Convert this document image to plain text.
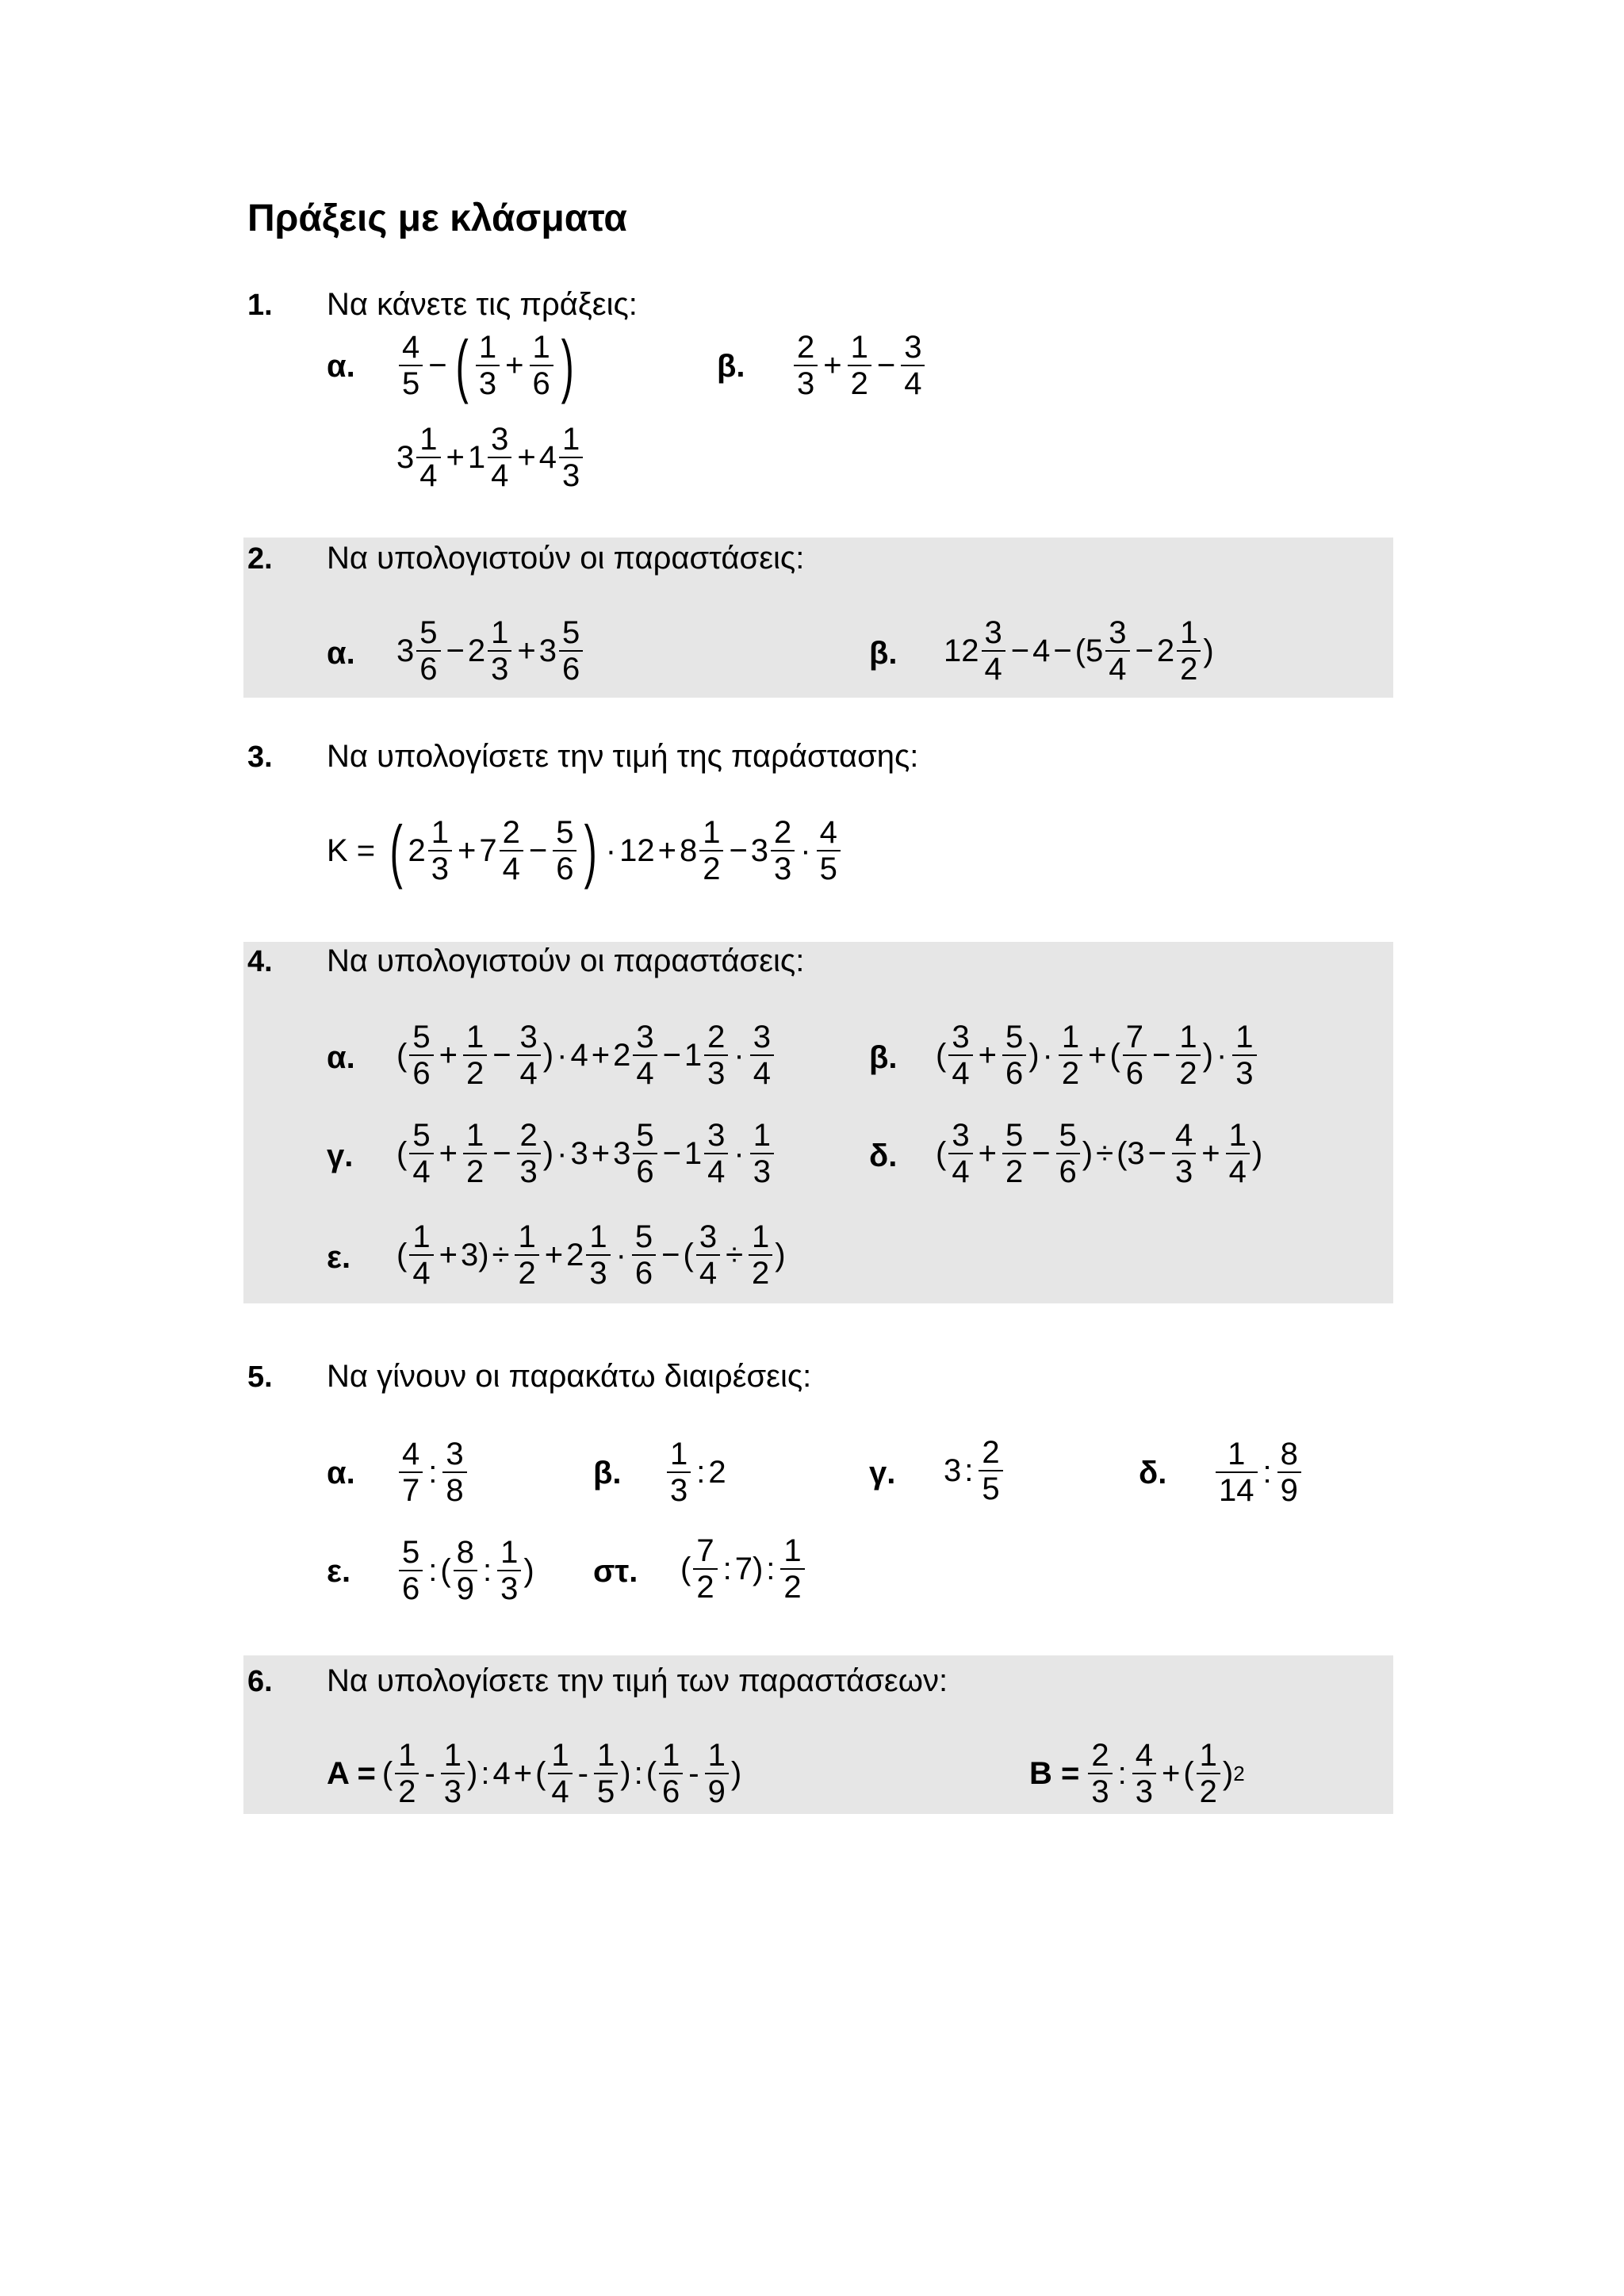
Πράξεις με κλάσματα
1. Να κάνετε τις πράξεις:
α. $\frac{4}{5}$ − ( $\frac{1}{3} + \frac{1}{6}$ )	β. $\frac{2}{3} + \frac{1}{2} - \frac{3}{4}$
$3 \frac{1}{4} + 1 \frac{3}{4} + 4 \frac{1}{3}$
2. Να υπολογιστούν οι παραστάσεις:
α. $3 \frac{5}{6} - 2 \frac{1}{3} + 3 \frac{5}{6}$	β. $12 \frac{3}{4} - 4$ − ( $5 \frac{3}{4} - 2 \frac{1}{2}$ )
3. Να υπολογίσετε την τιμή της παράστασης:
K = ( $2 \frac{1}{3} + 7 \frac{2}{4} - \frac{5}{6}$ ) · $12 + 8 \frac{1}{2} - 3 \frac{2}{3} \cdot \frac{4}{5}$
4. Να υπολογιστούν οι παραστάσεις:
α. ( $\frac{5}{6} + \frac{1}{2} - \frac{3}{4}$ ) · $4 + 2 \frac{3}{4} - 1 \frac{2}{3} \cdot \frac{3}{4}$	β. ( $\frac{3}{4} + \frac{5}{6}$ ) · $\frac{1}{2}$ + ( $\frac{7}{6} - \frac{1}{2}$ ) · $\frac{1}{3}$
γ. ( $\frac{5}{4} + \frac{1}{2} - \frac{2}{3}$ ) · $3 + 3 \frac{5}{6} - 1 \frac{3}{4} \cdot \frac{1}{3}$	δ. ( $\frac{3}{4} + \frac{5}{2} - \frac{5}{6}$ ) ÷ ( $3 - \frac{4}{3} + \frac{1}{4}$ )
ε. ( $\frac{1}{4} + 3$ ) ÷ $\frac{1}{2} + 2 \frac{1}{3} \cdot \frac{5}{6}$ − ( $\frac{3}{4} \div \frac{1}{2}$ )
5. Να γίνουν οι παρακάτω διαιρέσεις:
α. $\frac{4}{7}$ : $\frac{3}{8}$	β. $\frac{1}{3}$ : 2	γ. 3 : $\frac{2}{5}$	δ. $\frac{1}{14}$ : $\frac{8}{9}$
ε. $\frac{5}{6}$ : ( $\frac{8}{9}$ : $\frac{1}{3}$ ) στ. ( $\frac{7}{2}$ : 7 ) : $\frac{1}{2}$
6. Να υπολογίσετε την τιμή των παραστάσεων:
A = ( $\frac{1}{2} - \frac{1}{3}$ ) : 4 + ( $\frac{1}{4} - \frac{1}{5}$ ) : ( $\frac{1}{6} - \frac{1}{9}$ )	$B = \frac{2}{3}$ : $\frac{4}{3}$ + ( $\frac{1}{2}$ ) 2
